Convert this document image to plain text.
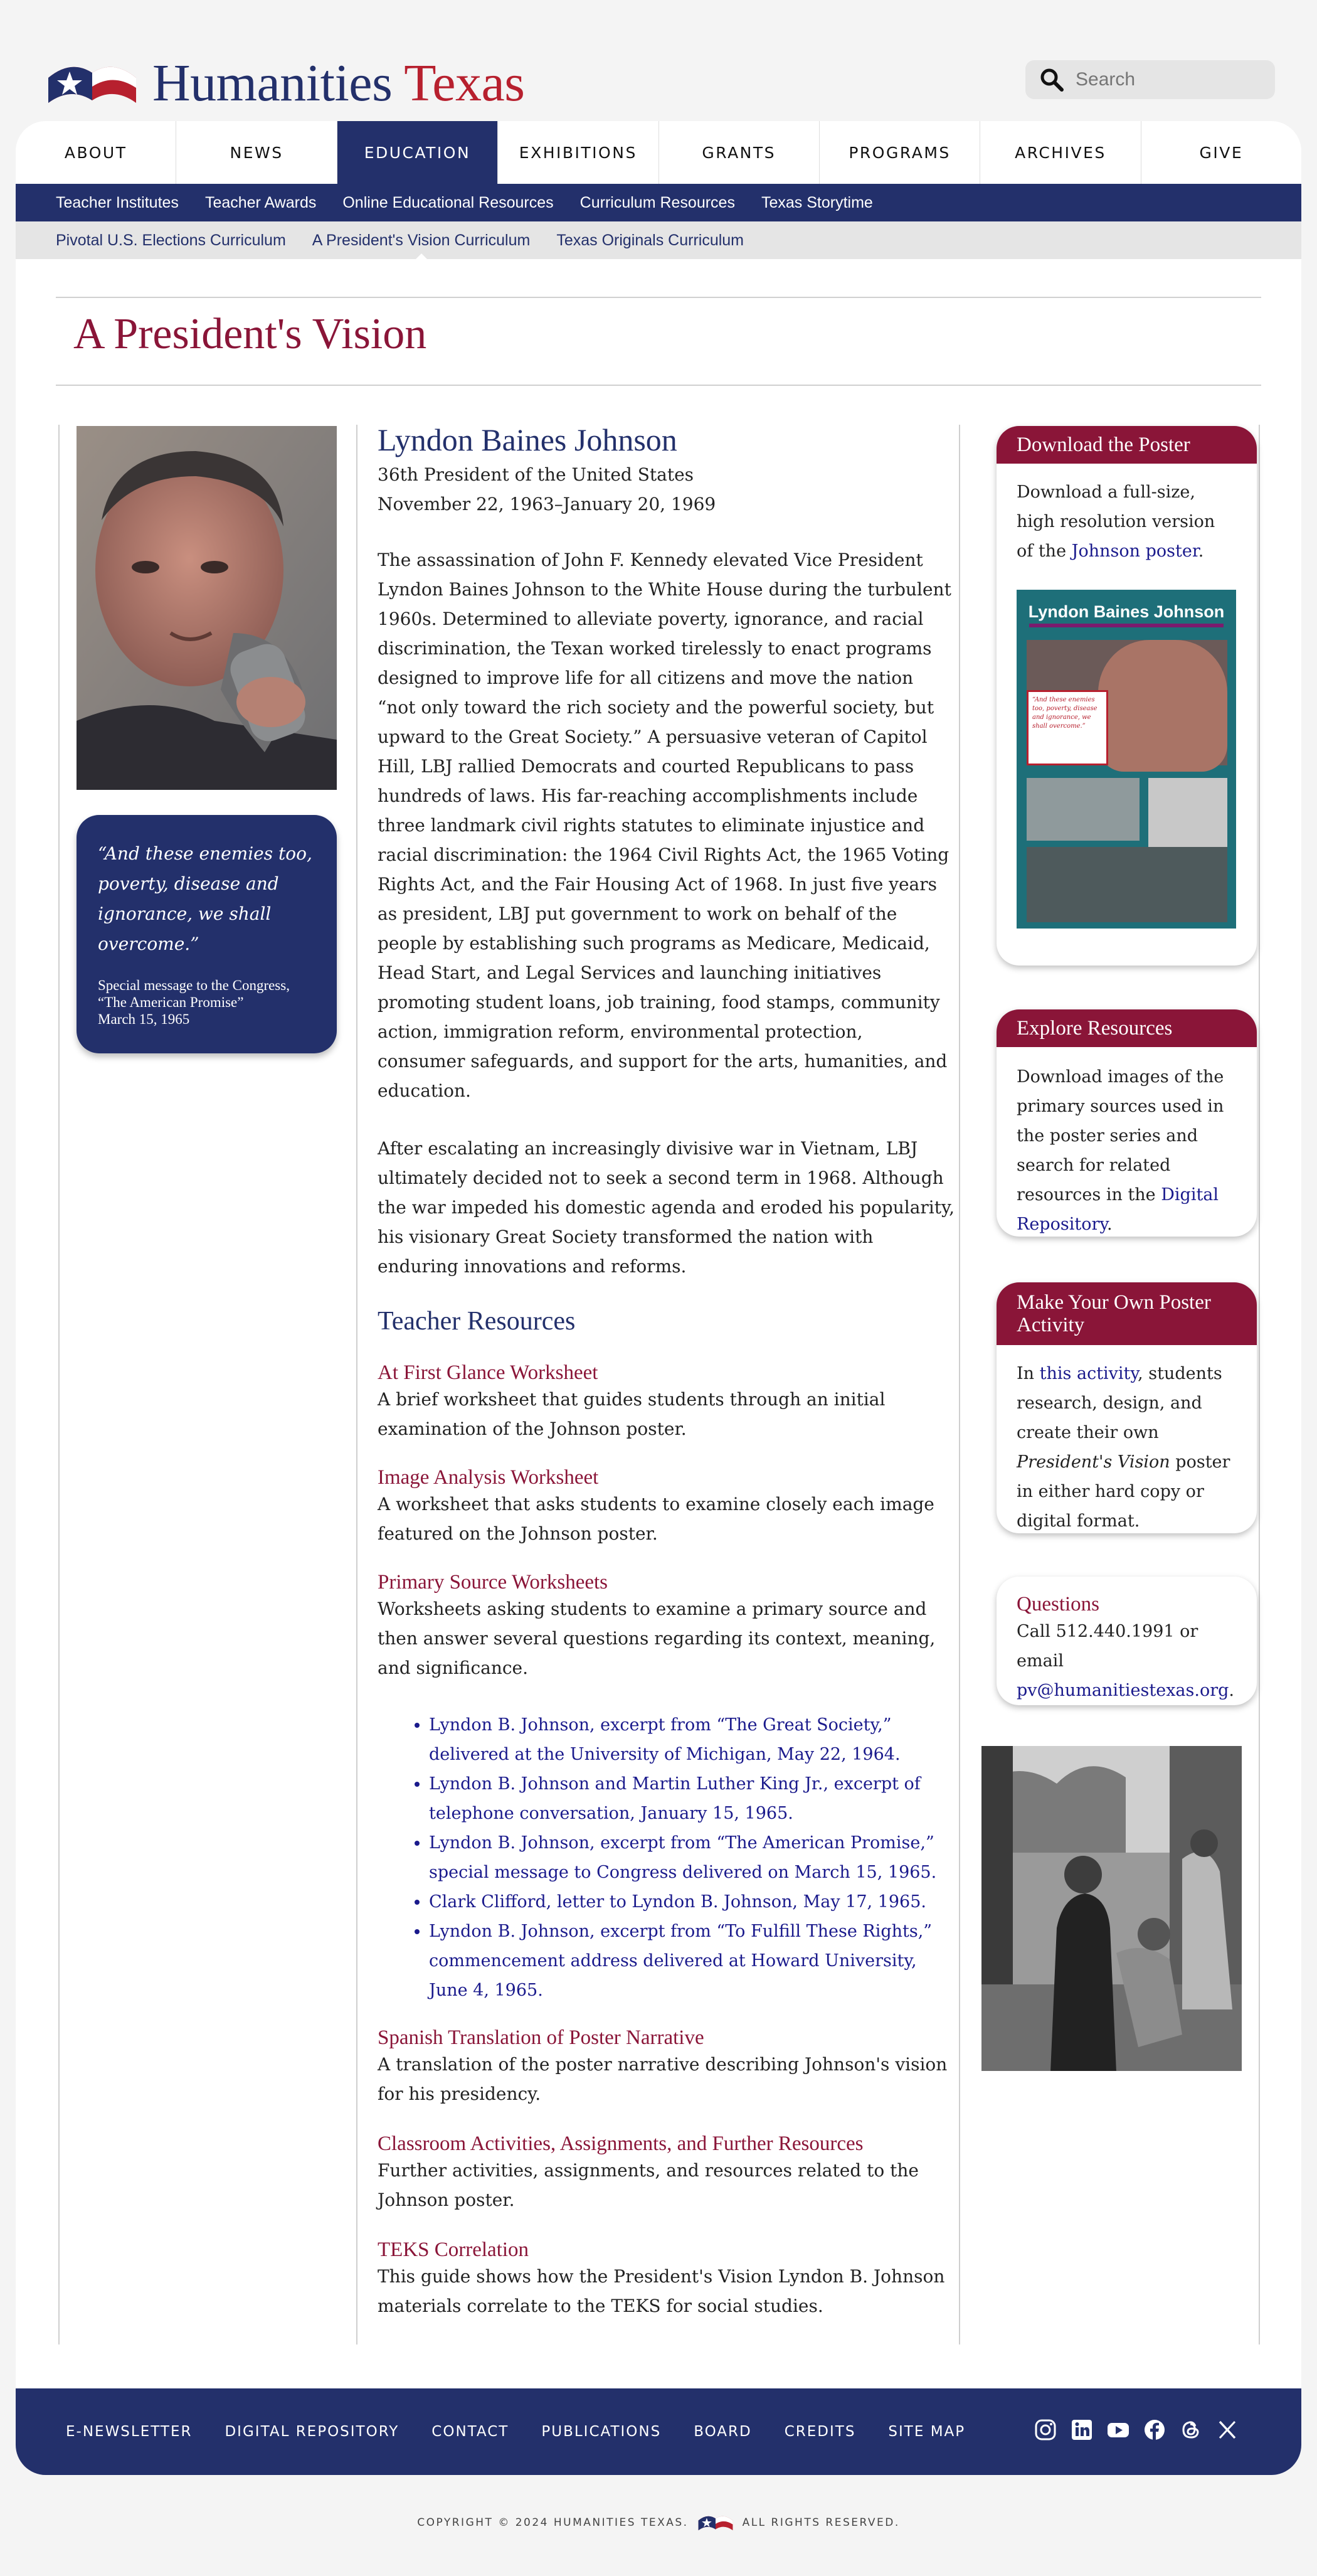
Humanities Texas
Search
ABOUT	NEWS	EDUCATION	EXHIBITIONS	GRANTS	PROGRAMS	ARCHIVES	GIVE
Teacher Institutes Teacher Awards Online Educational Resources Curriculum Resources Texas Storytime
Pivotal U.S. Elections Curriculum A President's Vision Curriculum Texas Originals Curriculum
A President's Vision
“And these enemies too, poverty, disease and ignorance, we shall overcome.”
Special message to the Congress,
“The American Promise”
March 15, 1965
Lyndon Baines Johnson
36th President of the United States
November 22, 1963–January 20, 1969

The assassination of John F. Kennedy elevated Vice President Lyndon Baines Johnson to the White House during the turbulent 1960s. Determined to alleviate poverty, ignorance, and racial discrimination, the Texan worked tirelessly to enact programs designed to improve life for all citizens and move the nation “not only toward the rich society and the powerful society, but upward to the Great Society.” A persuasive veteran of Capitol Hill, LBJ rallied Democrats and courted Republicans to pass hundreds of laws. His far-reaching accomplishments include three landmark civil rights statutes to eliminate injustice and racial discrimination: the 1964 Civil Rights Act, the 1965 Voting Rights Act, and the Fair Housing Act of 1968. In just five years as president, LBJ put government to work on behalf of the people by establishing such programs as Medicare, Medicaid, Head Start, and Legal Services and launching initiatives promoting student loans, job training, food stamps, community action, immigration reform, environmental protection, consumer safeguards, and support for the arts, humanities, and education.

After escalating an increasingly divisive war in Vietnam, LBJ ultimately decided not to seek a second term in 1968. Although the war impeded his domestic agenda and eroded his popularity, his visionary Great Society transformed the nation with enduring innovations and reforms.

Teacher Resources
At First Glance Worksheet

A brief worksheet that guides students through an initial examination of the Johnson poster.

Image Analysis Worksheet

A worksheet that asks students to examine closely each image featured on the Johnson poster.

Primary Source Worksheets

Worksheets asking students to examine a primary source and then answer several questions regarding its context, meaning, and significance.

• Lyndon B. Johnson, excerpt from “The Great Society,” delivered at the University of Michigan, May 22, 1964.
• Lyndon B. Johnson and Martin Luther King Jr., excerpt of telephone conversation, January 15, 1965.
• Lyndon B. Johnson, excerpt from “The American Promise,” special message to Congress delivered on March 15, 1965.
• Clark Clifford, letter to Lyndon B. Johnson, May 17, 1965.
• Lyndon B. Johnson, excerpt from “To Fulfill These Rights,” commencement address delivered at Howard University, June 4, 1965.
Spanish Translation of Poster Narrative

A translation of the poster narrative describing Johnson's vision for his presidency.

Classroom Activities, Assignments, and Further Resources

Further activities, assignments, and resources related to the Johnson poster.

TEKS Correlation

This guide shows how the President's Vision Lyndon B. Johnson materials correlate to the TEKS for social studies.

Download the Poster
Download a full-size, high resolution version of the Johnson poster.
Lyndon Baines Johnson
“And these enemies too, poverty, disease and ignorance, we shall overcome.”
Explore Resources
Download images of the primary sources used in the poster series and search for related resources in the Digital Repository.
Make Your Own Poster Activity
In this activity, students research, design, and create their own President's Vision poster in either hard copy or digital format.
Questions
Call 512.440.1991 or email pv@humanitiestexas.org.
E-NEWSLETTER DIGITAL REPOSITORY CONTACT PUBLICATIONS BOARD CREDITS SITE MAP
COPYRIGHT © 2024 HUMANITIES TEXAS.	ALL RIGHTS RESERVED.
